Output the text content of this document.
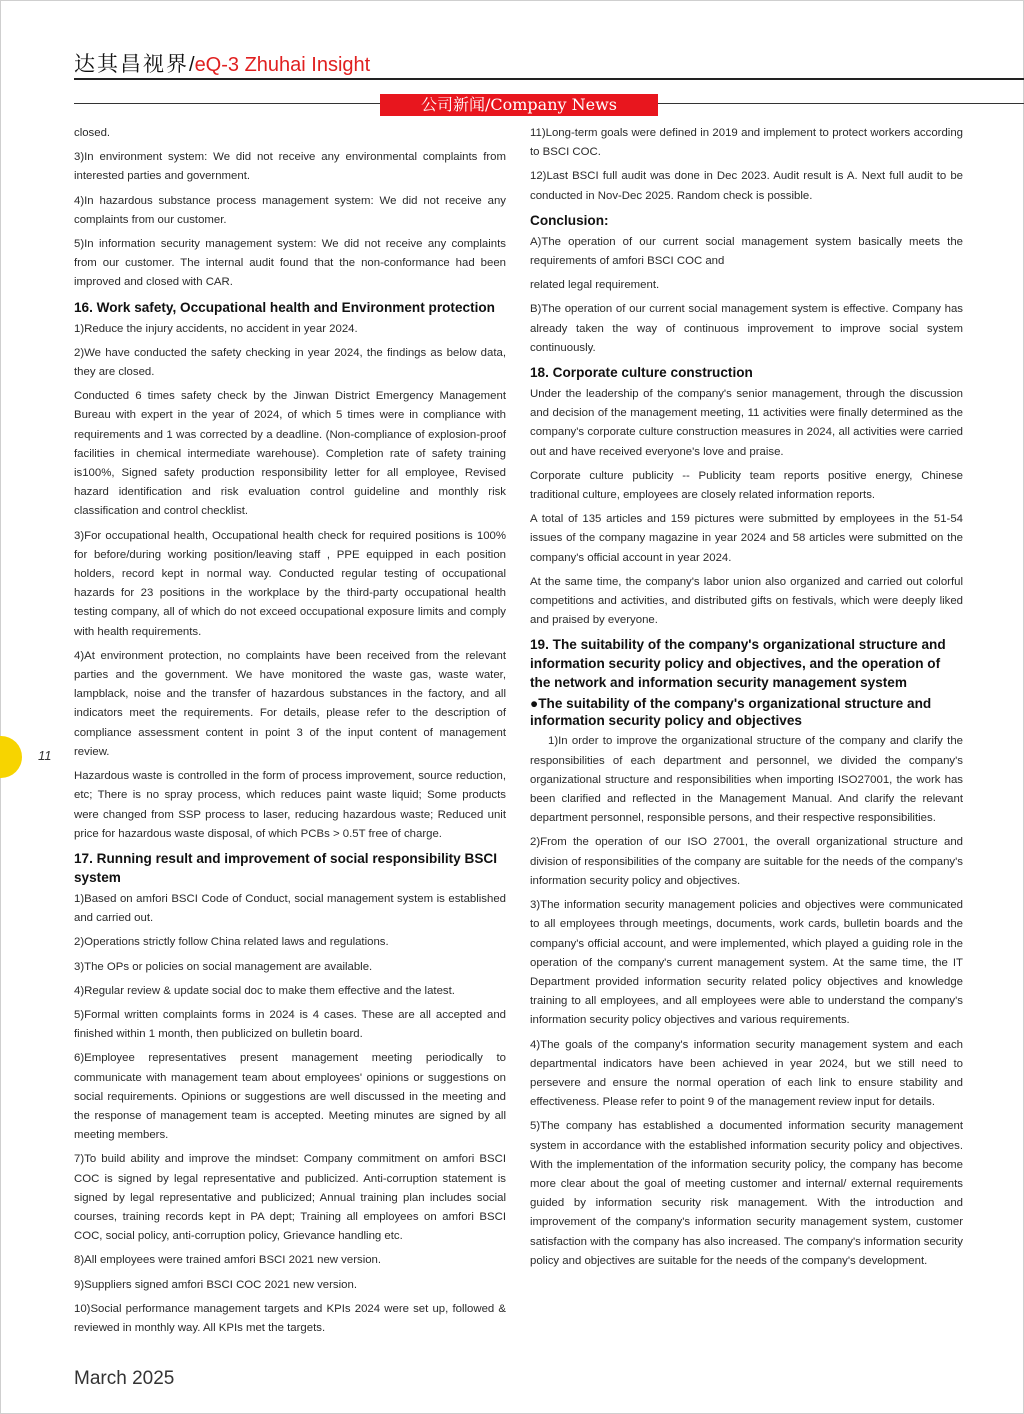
达其昌视界/eQ-3 Zhuhai Insight
公司新闻/Company News

closed.

3)In environment system: We did not receive any environmental complaints from interested parties and government.

4)In hazardous substance process management system: We did not receive any complaints from our customer.

5)In information security management system: We did not receive any complaints from our customer. The internal audit found that the non-conformance had been improved and closed with CAR.

16. Work safety, Occupational health and Environment protection

1)Reduce the injury accidents, no accident in year 2024.

2)We have conducted the safety checking in year 2024, the findings as below data, they are closed.

Conducted 6 times safety check by the Jinwan District Emergency Management Bureau with expert in the year of 2024, of which 5 times were in compliance with requirements and 1 was corrected by a deadline. (Non-compliance of explosion-proof facilities in chemical intermediate warehouse). Completion rate of safety training is100%, Signed safety production responsibility letter for all employee, Revised hazard identification and risk evaluation control guideline and monthly risk classification and control checklist.

3)For occupational health, Occupational health check for required positions is 100% for before/during working position/leaving staff , PPE equipped in each position holders, record kept in normal way. Conducted regular testing of occupational hazards for 23 positions in the workplace by the third-party occupational health testing company, all of which do not exceed occupational exposure limits and comply with health requirements.

4)At environment protection, no complaints have been received from the relevant parties and the government. We have monitored the waste gas, waste water, lampblack, noise and the transfer of hazardous substances in the factory, and all indicators meet the requirements. For details, please refer to the description of compliance assessment content in point 3 of the input content of management review.

Hazardous waste is controlled in the form of process improvement, source reduction, etc; There is no spray process, which reduces paint waste liquid; Some products were changed from SSP process to laser, reducing hazardous waste; Reduced unit price for hazardous waste disposal, of which PCBs > 0.5T free of charge.

17. Running result and improvement of social responsibility BSCI system

1)Based on amfori BSCI Code of Conduct, social management system is established and carried out.

2)Operations strictly follow China related laws and regulations.

3)The OPs or policies on social management are available.

4)Regular review & update social doc to make them effective and the latest.

5)Formal written complaints forms in 2024 is 4 cases. These are all accepted and finished within 1 month, then publicized on bulletin board.

6)Employee representatives present management meeting periodically to communicate with management team about employees' opinions or suggestions on social requirements. Opinions or suggestions are well discussed in the meeting and the response of management team is accepted. Meeting minutes are signed by all meeting members.

7)To build ability and improve the mindset: Company commitment on amfori BSCI COC is signed by legal representative and publicized. Anti-corruption statement is signed by legal representative and publicized; Annual training plan includes social courses, training records kept in PA dept; Training all employees on amfori BSCI COC, social policy, anti-corruption policy, Grievance handling etc.

8)All employees were trained amfori BSCI 2021 new version.

9)Suppliers signed amfori BSCI COC 2021 new version.

10)Social performance management targets and KPIs 2024 were set up, followed & reviewed in monthly way. All KPIs met the targets.

11)Long-term goals were defined in 2019 and implement to protect workers according to BSCI COC.

12)Last BSCI full audit was done in Dec 2023. Audit result is A. Next full audit to be conducted in Nov-Dec 2025. Random check is possible.

Conclusion:

A)The operation of our current social management system basically meets the requirements of amfori BSCI COC and

related legal requirement.

B)The operation of our current social management system is effective. Company has already taken the way of continuous improvement to improve social system continuously.

18. Corporate culture construction

Under the leadership of the company's senior management, through the discussion and decision of the management meeting, 11 activities were finally determined as the company's corporate culture construction measures in 2024, all activities were carried out and have received everyone's love and praise.

Corporate culture publicity -- Publicity team reports positive energy, Chinese traditional culture, employees are closely related information reports.

A total of 135 articles and 159 pictures were submitted by employees in the 51-54 issues of the company magazine in year 2024 and 58 articles were submitted on the company's official account in year 2024.

At the same time, the company's labor union also organized and carried out colorful competitions and activities, and distributed gifts on festivals, which were deeply liked and praised by everyone.

19. The suitability of the company's organizational structure and information security policy and objectives, and the operation of the network and information security management system
●The suitability of the company's organizational structure and information security policy and objectives

1)In order to improve the organizational structure of the company and clarify the responsibilities of each department and personnel, we divided the company's organizational structure and responsibilities when importing ISO27001, the work has been clarified and reflected in the Management Manual. And clarify the relevant department personnel, responsible persons, and their respective responsibilities.

2)From the operation of our ISO 27001, the overall organizational structure and division of responsibilities of the company are suitable for the needs of the company's information security policy and objectives.

3)The information security management policies and objectives were communicated to all employees through meetings, documents, work cards, bulletin boards and the company's official account, and were implemented, which played a guiding role in the operation of the company's current management system. At the same time, the IT Department provided information security related policy objectives and knowledge training to all employees, and all employees were able to understand the company's information security policy objectives and various requirements.

4)The goals of the company's information security management system and each departmental indicators have been achieved in year 2024, but we still need to persevere and ensure the normal operation of each link to ensure stability and effectiveness. Please refer to point 9 of the management review input for details.

5)The company has established a documented information security management system in accordance with the established information security policy and objectives. With the implementation of the information security policy, the company has become more clear about the goal of meeting customer and internal/ external requirements guided by information security risk management. With the introduction and improvement of the company's information security management system, customer satisfaction with the company has also increased. The company's information security policy and objectives are suitable for the needs of the company's development.

11
March 2025
